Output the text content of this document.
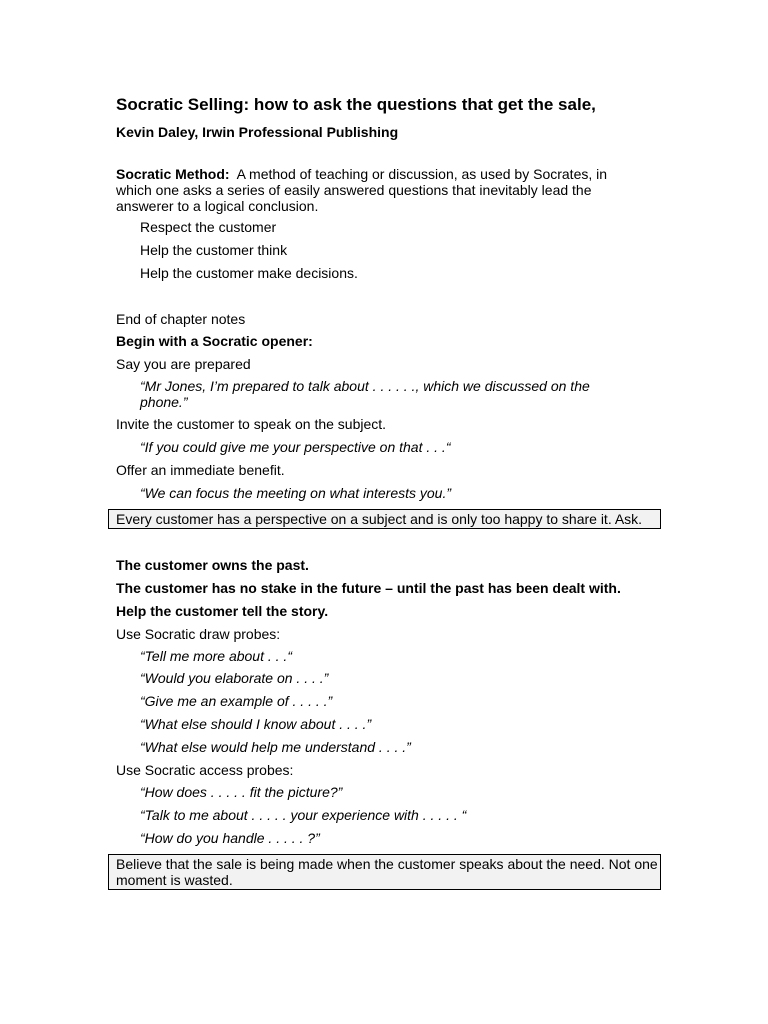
Socratic Selling: how to ask the questions that get the sale,
Kevin Daley, Irwin Professional Publishing
Socratic Method: A method of teaching or discussion, as used by Socrates, in which one asks a series of easily answered questions that inevitably lead the answerer to a logical conclusion.
Respect the customer
Help the customer think
Help the customer make decisions.
End of chapter notes
Begin with a Socratic opener:
Say you are prepared
“Mr Jones, I’m prepared to talk about . . . . . ., which we discussed on the phone.”
Invite the customer to speak on the subject.
“If you could give me your perspective on that . . .“
Offer an immediate benefit.
“We can focus the meeting on what interests you.”
Every customer has a perspective on a subject and is only too happy to share it. Ask.
The customer owns the past.
The customer has no stake in the future – until the past has been dealt with.
Help the customer tell the story.
Use Socratic draw probes:
“Tell me more about . . .“
“Would you elaborate on . . . .”
“Give me an example of . . . . .”
“What else should I know about . . . .”
“What else would help me understand . . . .”
Use Socratic access probes:
“How does . . . . . fit the picture?”
“Talk to me about . . . . . your experience with . . . . . “
“How do you handle . . . . . ?”
Believe that the sale is being made when the customer speaks about the need. Not one moment is wasted.
